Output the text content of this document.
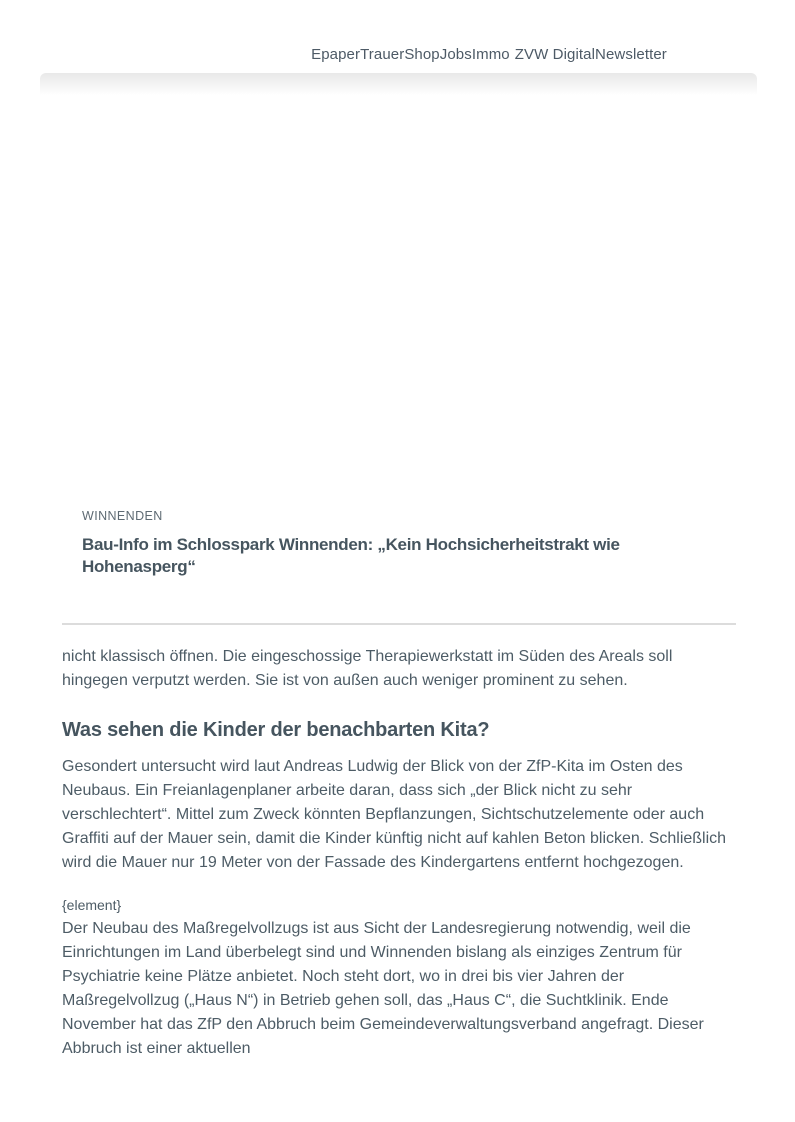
Epaper Trauer Shop Jobs Immo ZVW Digital Newsletter
WINNENDEN
Bau-Info im Schlosspark Winnenden: „Kein Hochsicherheitstrakt wie Hohenasperg“

nicht klassisch öffnen. Die eingeschossige Therapiewerkstatt im Süden des Areals soll hingegen verputzt werden. Sie ist von außen auch weniger prominent zu sehen.

Was sehen die Kinder der benachbarten Kita?

Gesondert untersucht wird laut Andreas Ludwig der Blick von der ZfP-Kita im Osten des Neubaus. Ein Freianlagenplaner arbeite daran, dass sich „der Blick nicht zu sehr verschlechtert“. Mittel zum Zweck könnten Bepflanzungen, Sichtschutzelemente oder auch Graffiti auf der Mauer sein, damit die Kinder künftig nicht auf kahlen Beton blicken. Schließlich wird die Mauer nur 19 Meter von der Fassade des Kindergartens entfernt hochgezogen.

{element}

Der Neubau des Maßregelvollzugs ist aus Sicht der Landesregierung notwendig, weil die Einrichtungen im Land überbelegt sind und Winnenden bislang als einziges Zentrum für Psychiatrie keine Plätze anbietet. Noch steht dort, wo in drei bis vier Jahren der Maßregelvollzug („Haus N“) in Betrieb gehen soll, das „Haus C“, die Suchtklinik. Ende November hat das ZfP den Abbruch beim Gemeindeverwaltungsverband angefragt. Dieser Abbruch ist einer aktuellen
